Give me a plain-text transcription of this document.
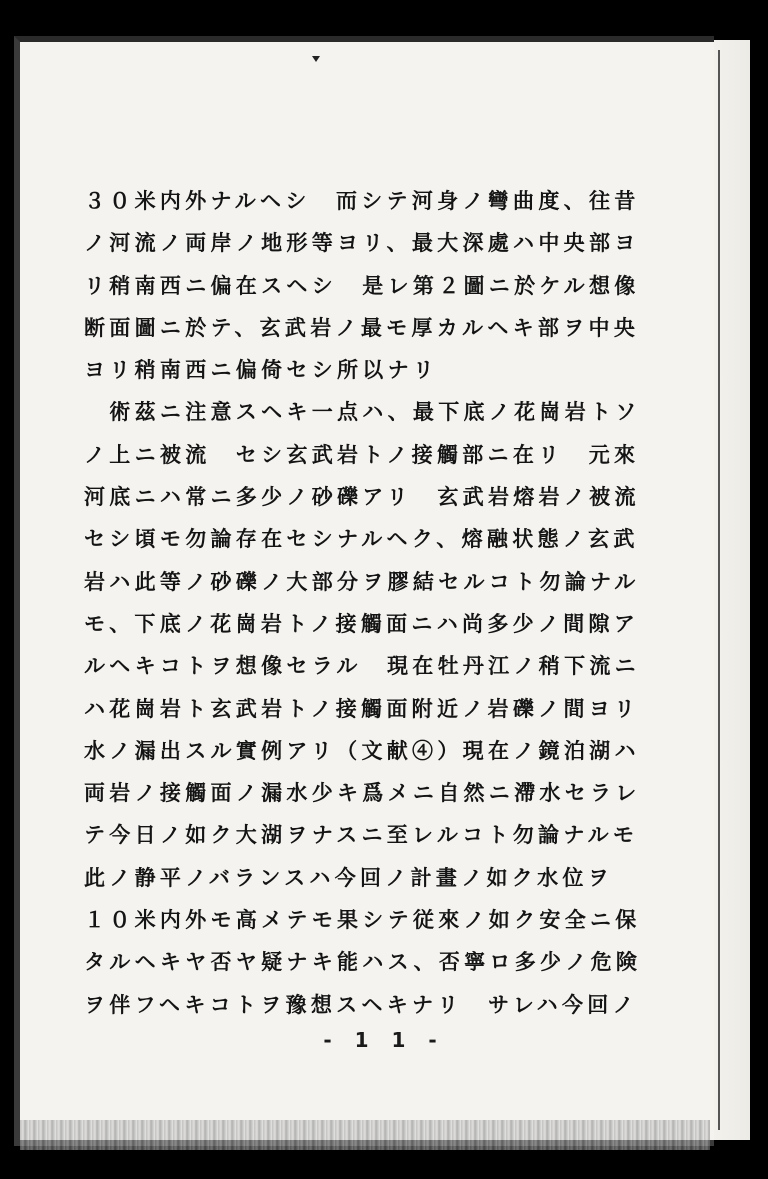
３０米内外ナルヘシ　而シテ河身ノ彎曲度、往昔
ノ河流ノ両岸ノ地形等ヨリ、最大深處ハ中央部ヨ
リ稍南西ニ偏在スヘシ　是レ第２圖ニ於ケル想像
断面圖ニ於テ、玄武岩ノ最モ厚カルヘキ部ヲ中央
ヨリ稍南西ニ偏倚セシ所以ナリ
　術茲ニ注意スヘキ一点ハ、最下底ノ花崗岩トソ
ノ上ニ被流　セシ玄武岩トノ接觸部ニ在リ　元來
河底ニハ常ニ多少ノ砂礫アリ　玄武岩熔岩ノ被流
セシ頃モ勿論存在セシナルヘク、熔融状態ノ玄武
岩ハ此等ノ砂礫ノ大部分ヲ膠結セルコト勿論ナル
モ、下底ノ花崗岩トノ接觸面ニハ尚多少ノ間隙ア
ルヘキコトヲ想像セラル　現在牡丹江ノ稍下流ニ
ハ花崗岩ト玄武岩トノ接觸面附近ノ岩礫ノ間ヨリ
水ノ漏出スル實例アリ（文献④）現在ノ鏡泊湖ハ
両岩ノ接觸面ノ漏水少キ爲メニ自然ニ滯水セラレ
テ今日ノ如ク大湖ヲナスニ至レルコト勿論ナルモ
此ノ静平ノバランスハ今回ノ計畫ノ如ク水位ヲ
１０米内外モ高メテモ果シテ従來ノ如ク安全ニ保
タルヘキヤ否ヤ疑ナキ能ハス、否寧ロ多少ノ危険
ヲ伴フヘキコトヲ豫想スヘキナリ　サレハ今回ノ
- 1 1 -
